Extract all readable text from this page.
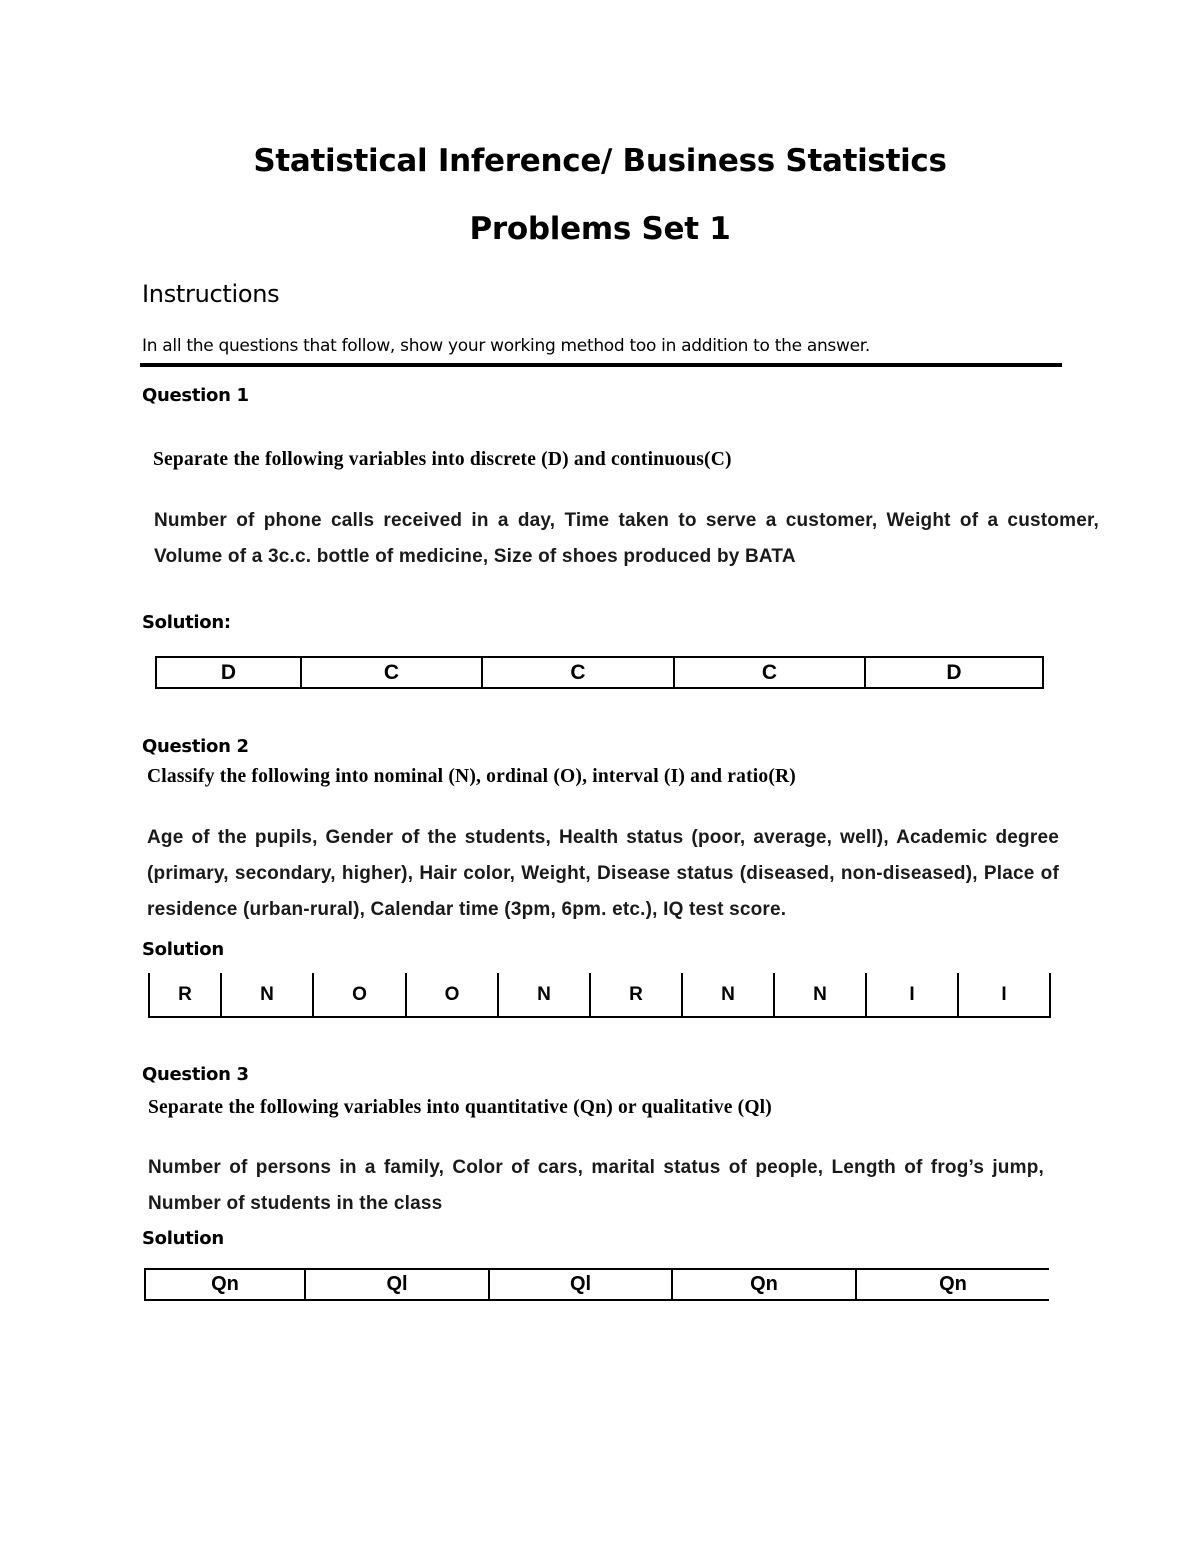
Statistical Inference/ Business Statistics
Problems Set 1
Instructions
In all the questions that follow, show your working method too in addition to the answer.
Question 1
Separate the following variables into discrete (D) and continuous(C)
Number of phone calls received in a day, Time taken to serve a customer, Weight of a customer, Volume of a 3c.c. bottle of medicine, Size of shoes produced by BATA
Solution:
D	C	C	C	D
Question 2
Classify the following into nominal (N), ordinal (O), interval (I) and ratio(R)
Age of the pupils, Gender of the students, Health status (poor, average, well), Academic degree (primary, secondary, higher), Hair color, Weight, Disease status (diseased, non-diseased), Place of residence (urban-rural), Calendar time (3pm, 6pm. etc.), IQ test score.
Solution
R	N	O	O	N	R	N	N	I	I
Question 3
Separate the following variables into quantitative (Qn) or qualitative (Ql)
Number of persons in a family, Color of cars, marital status of people, Length of frog’s jump, Number of students in the class
Solution
Qn	Ql	Ql	Qn	Qn
